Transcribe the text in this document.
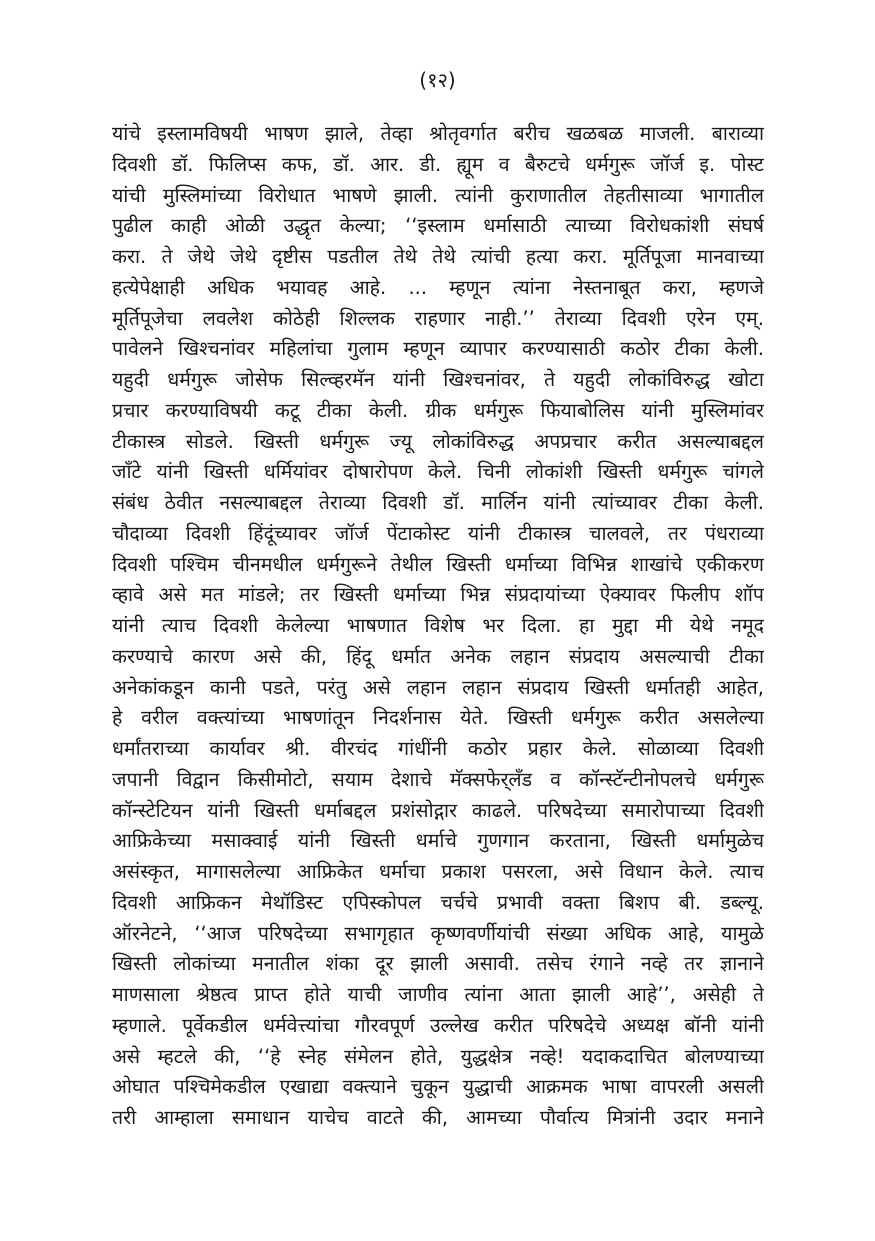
(१२)
यांचे इस्लामविषयी भाषण झाले, तेव्हा श्रोतृवर्गात बरीच खळबळ माजली. बाराव्या
दिवशी डॉ. फिलिप्स कफ, डॉ. आर. डी. ह्यूम व बैरुटचे धर्मगुरू जॉर्ज इ. पोस्ट
यांची मुस्लिमांच्या विरोधात भाषणे झाली. त्यांनी कुराणातील तेहतीसाव्या भागातील
पुढील काही ओळी उद्धृत केल्या; ‘‘इस्लाम धर्मासाठी त्याच्या विरोधकांशी संघर्ष
करा. ते जेथे जेथे दृष्टीस पडतील तेथे तेथे त्यांची हत्या करा. मूर्तिपूजा मानवाच्या
हत्येपेक्षाही अधिक भयावह आहे. ... म्हणून त्यांना नेस्तनाबूत करा, म्हणजे
मूर्तिपूजेचा लवलेश कोठेही शिल्लक राहणार नाही.’’ तेराव्या दिवशी एरेन एम्.
पावेलने खिश्चनांवर महिलांचा गुलाम म्हणून व्यापार करण्यासाठी कठोर टीका केली.
यहुदी धर्मगुरू जोसेफ सिल्व्हरमॅन यांनी खिश्चनांवर, ते यहुदी लोकांविरुद्ध खोटा
प्रचार करण्याविषयी कटू टीका केली. ग्रीक धर्मगुरू फियाबोलिस यांनी मुस्लिमांवर
टीकास्त्र सोडले. खिस्ती धर्मगुरू ज्यू लोकांविरुद्ध अपप्रचार करीत असल्याबद्दल
जाँटे यांनी खिस्ती धर्मियांवर दोषारोपण केले. चिनी लोकांशी खिस्ती धर्मगुरू चांगले
संबंध ठेवीत नसल्याबद्दल तेराव्या दिवशी डॉ. मार्लिन यांनी त्यांच्यावर टीका केली.
चौदाव्या दिवशी हिंदूंच्यावर जॉर्ज पेंटाकोस्ट यांनी टीकास्त्र चालवले, तर पंधराव्या
दिवशी पश्चिम चीनमधील धर्मगुरूने तेथील खिस्ती धर्माच्या विभिन्न शाखांचे एकीकरण
व्हावे असे मत मांडले; तर खिस्ती धर्माच्या भिन्न संप्रदायांच्या ऐक्यावर फिलीप शॉप
यांनी त्याच दिवशी केलेल्या भाषणात विशेष भर दिला. हा मुद्दा मी येथे नमूद
करण्याचे कारण असे की, हिंदू धर्मात अनेक लहान संप्रदाय असल्याची टीका
अनेकांकडून कानी पडते, परंतु असे लहान लहान संप्रदाय खिस्ती धर्मातही आहेत,
हे वरील वक्त्यांच्या भाषणांतून निदर्शनास येते. खिस्ती धर्मगुरू करीत असलेल्या
धर्मांतराच्या कार्यावर श्री. वीरचंद गांधींनी कठोर प्रहार केले. सोळाव्या दिवशी
जपानी विद्वान किसीमोटो, सयाम देशाचे मॅक्सफेर्‌लँड व कॉन्स्टॅन्टीनोपलचे धर्मगुरू
कॉन्स्टेटियन यांनी खिस्ती धर्माबद्दल प्रशंसोद्गार काढले. परिषदेच्या समारोपाच्या दिवशी
आफ्रिकेच्या मसाक्वाई यांनी खिस्ती धर्माचे गुणगान करताना, खिस्ती धर्मामुळेच
असंस्कृत, मागासलेल्या आफ्रिकेत धर्माचा प्रकाश पसरला, असे विधान केले. त्याच
दिवशी आफ्रिकन मेथॉडिस्ट एपिस्कोपल चर्चचे प्रभावी वक्ता बिशप बी. डब्ल्यू.
ऑरनेटने, ‘‘आज परिषदेच्या सभागृहात कृष्णवर्णीयांची संख्या अधिक आहे, यामुळे
खिस्ती लोकांच्या मनातील शंका दूर झाली असावी. तसेच रंगाने नव्हे तर ज्ञानाने
माणसाला श्रेष्ठत्व प्राप्त होते याची जाणीव त्यांना आता झाली आहे’’, असेही ते
म्हणाले. पूर्वेकडील धर्मवेत्त्यांचा गौरवपूर्ण उल्लेख करीत परिषदेचे अध्यक्ष बॉनी यांनी
असे म्हटले की, ‘‘हे स्नेह संमेलन होते, युद्धक्षेत्र नव्हे! यदाकदाचित बोलण्याच्या
ओघात पश्चिमेकडील एखाद्या वक्त्याने चुकून युद्धाची आक्रमक भाषा वापरली असली
तरी आम्हाला समाधान याचेच वाटते की, आमच्या पौर्वात्य मित्रांनी उदार मनाने
